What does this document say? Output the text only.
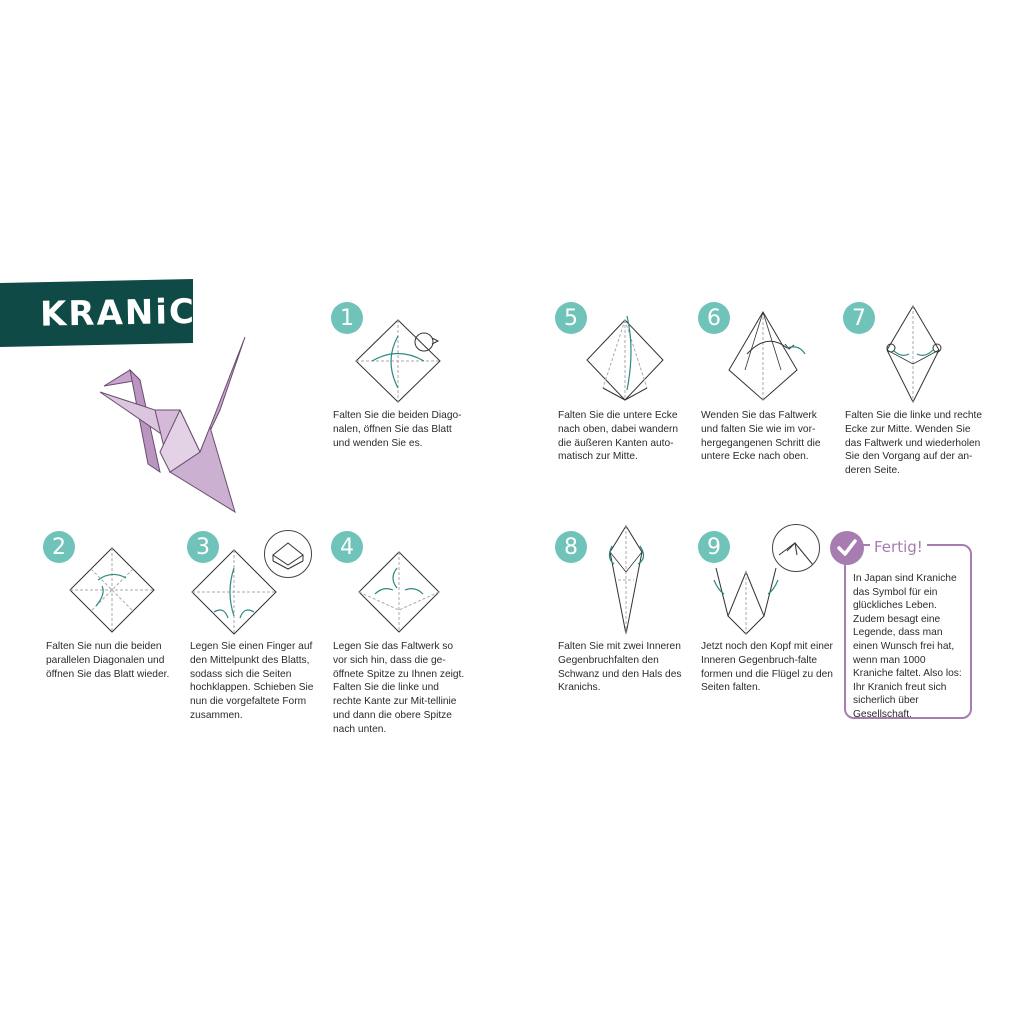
KRANiCH	1
Falten Sie die beiden Diago-nalen, öffnen Sie das Blatt und wenden Sie es.
5
Falten Sie die untere Ecke nach oben, dabei wandern die äußeren Kanten auto-matisch zur Mitte.
6
Wenden Sie das Faltwerk und falten Sie wie im vor-hergegangenen Schritt die untere Ecke nach oben.
7
Falten Sie die linke und rechte Ecke zur Mitte. Wenden Sie das Faltwerk und wiederholen Sie den Vorgang auf der an-deren Seite.
2
Falten Sie nun die beiden parallelen Diagonalen und öffnen Sie das Blatt wieder.
3
Legen Sie einen Finger auf den Mittelpunkt des Blatts, sodass sich die Seiten hochklappen. Schieben Sie nun die vorgefaltete Form zusammen.
4
Legen Sie das Faltwerk so vor sich hin, dass die ge-öffnete Spitze zu Ihnen zeigt. Falten Sie die linke und rechte Kante zur Mit-tellinie und dann die obere Spitze nach unten.
8
Falten Sie mit zwei Inneren Gegenbruchfalten den Schwanz und den Hals des Kranichs.
9
Jetzt noch den Kopf mit einer Inneren Gegenbruch-falte formen und die Flügel zu den Seiten falten.
Fertig!
In Japan sind Kraniche das Symbol für ein glückliches Leben. Zudem besagt eine Legende, dass man einen Wunsch frei hat, wenn man 1000 Kraniche faltet. Also los: Ihr Kranich freut sich sicherlich über Gesellschaft.
